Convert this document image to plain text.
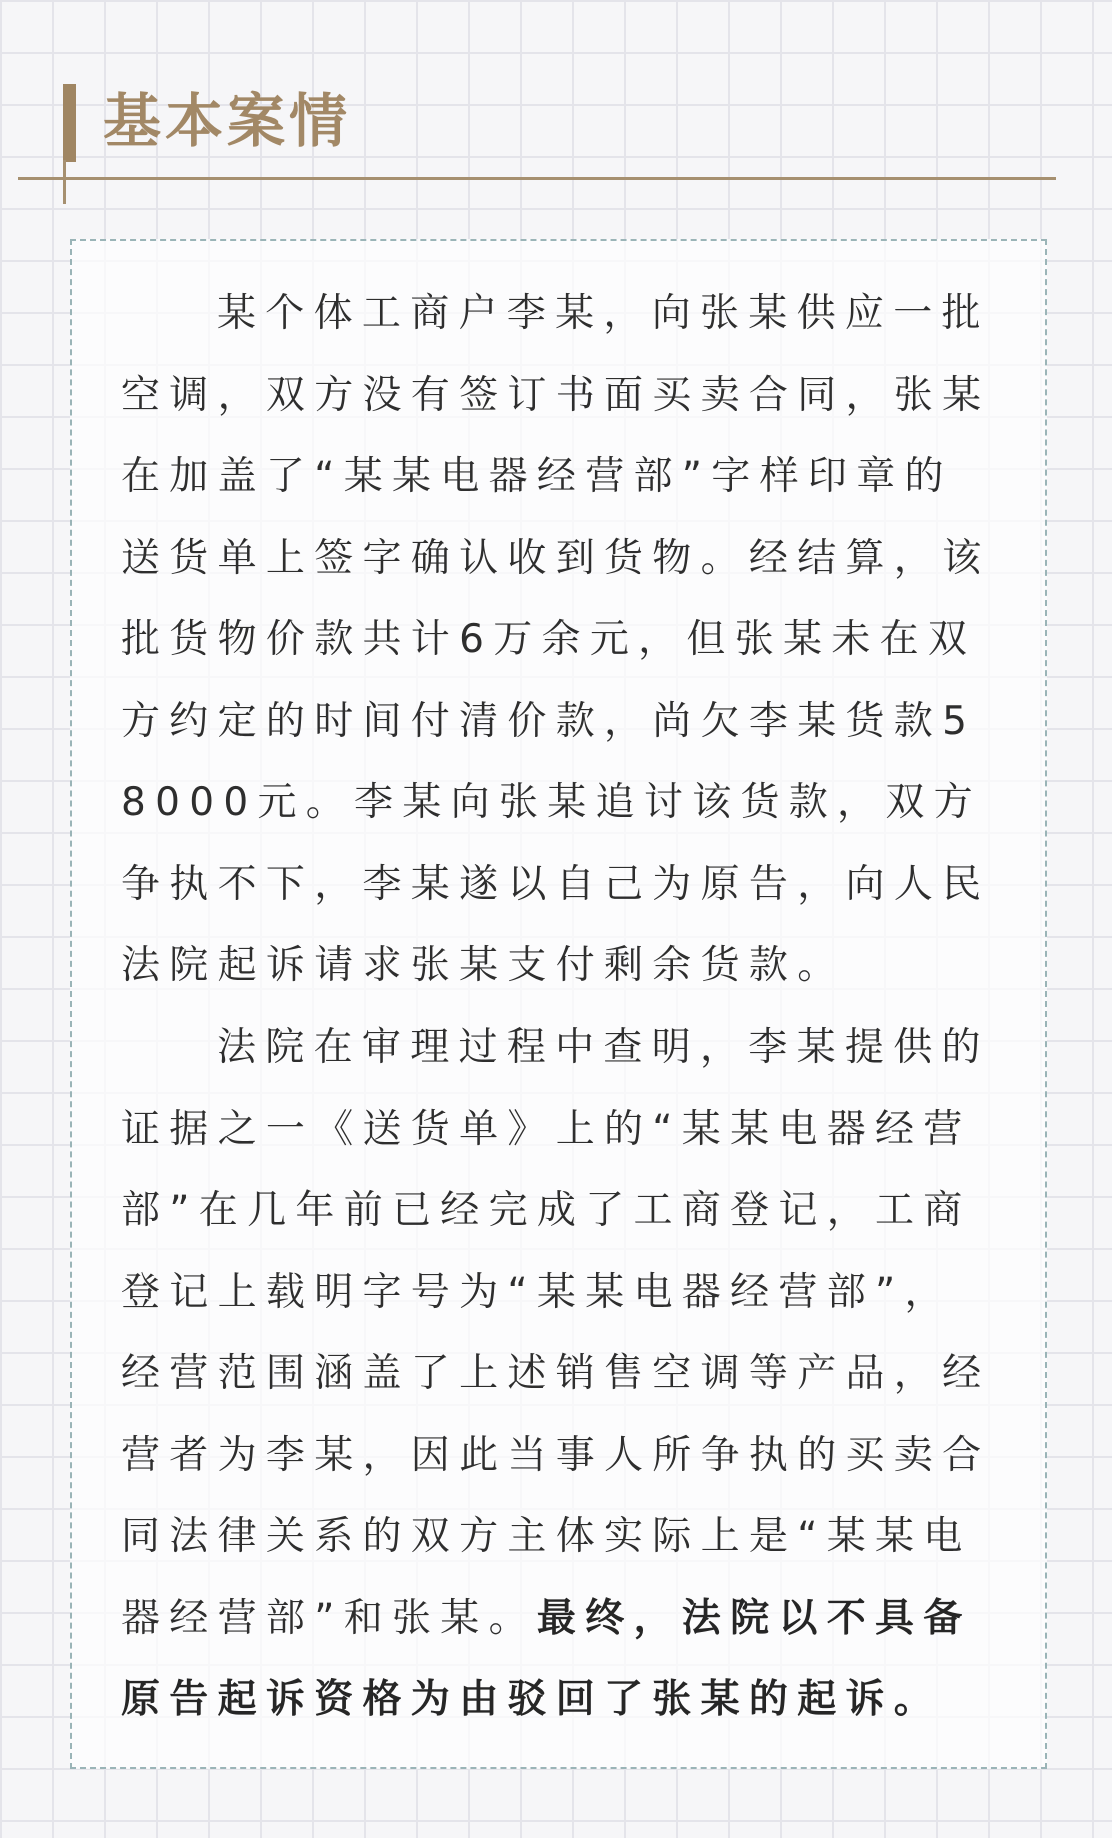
基本案情

某个体工商户李某，向张某供应一批空调，双方没有签订书面买卖合同，张某在加盖了“某某电器经营部”字样印章的送货单上签字确认收到货物。经结算，该批货物价款共计6万余元，但张某未在双方约定的时间付清价款，尚欠李某货款58000元。李某向张某追讨该货款，双方争执不下，李某遂以自己为原告，向人民法院起诉请求张某支付剩余货款。

法院在审理过程中查明，李某提供的证据之一《送货单》上的“某某电器经营部”在几年前已经完成了工商登记，工商登记上载明字号为“某某电器经营部”，经营范围涵盖了上述销售空调等产品，经营者为李某，因此当事人所争执的买卖合同法律关系的双方主体实际上是“某某电器经营部”和张某。最终，法院以不具备原告起诉资格为由驳回了张某的起诉。
